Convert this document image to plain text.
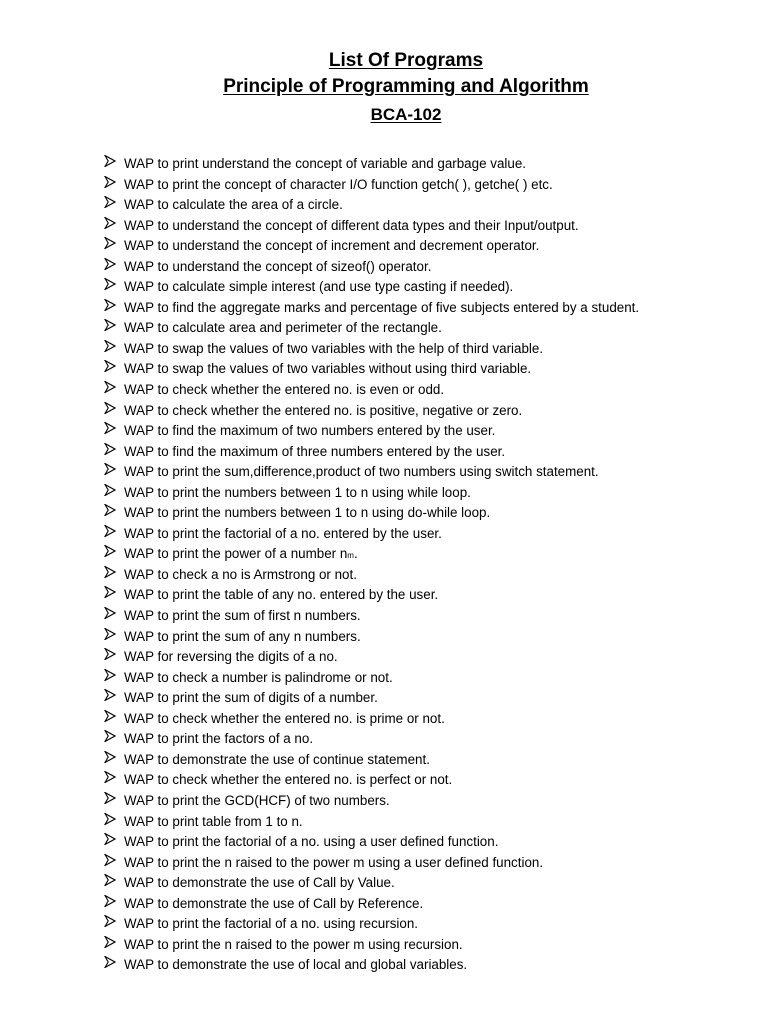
List Of Programs
Principle of Programming and Algorithm
BCA-102
WAP to print understand the concept of variable and garbage value.
WAP to print the concept of character I/O function getch( ), getche( ) etc.
WAP to calculate the area of a circle.
WAP to understand the concept of different data types and their Input/output.
WAP to understand the concept of increment and decrement operator.
WAP to understand the concept of sizeof() operator.
WAP to calculate simple interest (and use type casting if needed).
WAP to find the aggregate marks and percentage of five subjects entered by a student.
WAP to calculate area and perimeter of the rectangle.
WAP to swap the values of two variables with the help of third variable.
WAP to swap the values of two variables without using third variable.
WAP to check whether the entered no. is even or odd.
WAP to check whether the entered no. is positive, negative or zero.
WAP to find the maximum of two numbers entered by the user.
WAP to find the maximum of three numbers entered by the user.
WAP to print the sum,difference,product of two numbers using switch statement.
WAP to print the numbers between 1 to n using while loop.
WAP to print the numbers between 1 to n using do-while loop.
WAP to print the factorial of a no. entered by the user.
WAP to print the power of a number n m .
WAP to check a no is Armstrong or not.
WAP to print the table of any no. entered by the user.
WAP to print the sum of first n numbers.
WAP to print the sum of any n numbers.
WAP for reversing the digits of a no.
WAP to check a number is palindrome or not.
WAP to print the sum of digits of a number.
WAP to check whether the entered no. is prime or not.
WAP to print the factors of a no.
WAP to demonstrate the use of continue statement.
WAP to check whether the entered no. is perfect or not.
WAP to print the GCD(HCF) of two numbers.
WAP to print table from 1 to n.
WAP to print the factorial of a no. using a user defined function.
WAP to print the n raised to the power m using a user defined function.
WAP to demonstrate the use of Call by Value.
WAP to demonstrate the use of Call by Reference.
WAP to print the factorial of a no. using recursion.
WAP to print the n raised to the power m using recursion.
WAP to demonstrate the use of local and global variables.
